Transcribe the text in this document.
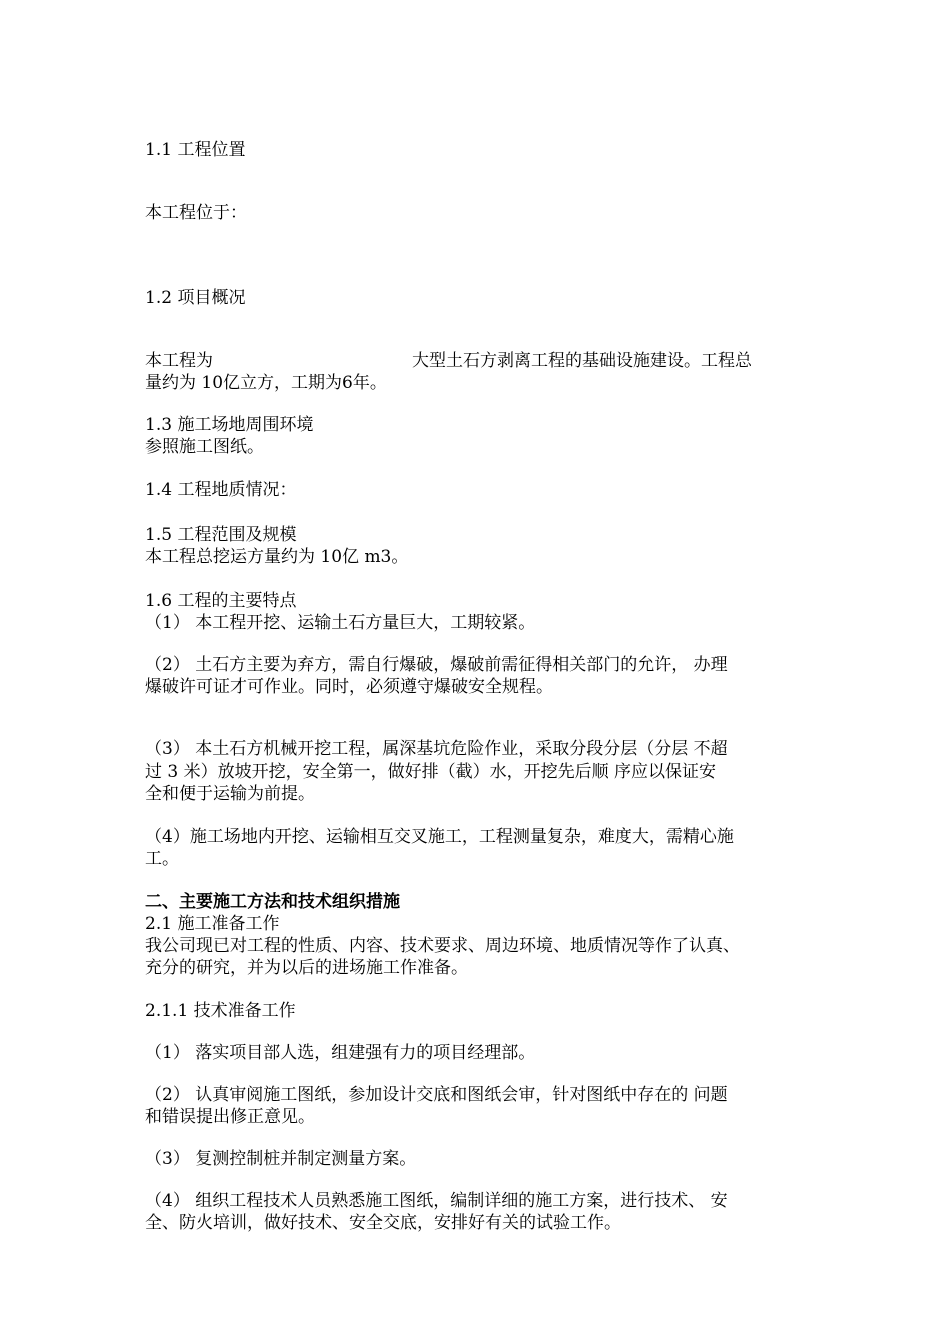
1.1 工程位置
本工程位于：
1.2 项目概况
本工程为	大型土石方剥离工程的基础设施建设。工程总
量约为 10亿立方，工期为6年。
1.3 施工场地周围环境
参照施工图纸。
1.4 工程地质情况：
1.5 工程范围及规模
本工程总挖运方量约为 10亿 m3。
1.6 工程的主要特点
（1） 本工程开挖、运输土石方量巨大，工期较紧。
（2） 土石方主要为弃方，需自行爆破，爆破前需征得相关部门的允许， 办理
爆破许可证才可作业。同时，必须遵守爆破安全规程。
（3） 本土石方机械开挖工程，属深基坑危险作业，采取分段分层（分层 不超
过 3 米）放坡开挖，安全第一，做好排（截）水，开挖先后顺 序应以保证安
全和便于运输为前提。
（4）施工场地内开挖、运输相互交叉施工，工程测量复杂，难度大，需精心施
工。
二、主要施工方法和技术组织措施
2.1 施工准备工作
我公司现已对工程的性质、内容、技术要求、周边环境、地质情况等作了认真、
充分的研究，并为以后的进场施工作准备。
2.1.1 技术准备工作
（1） 落实项目部人选，组建强有力的项目经理部。
（2） 认真审阅施工图纸，参加设计交底和图纸会审，针对图纸中存在的 问题
和错误提出修正意见。
（3） 复测控制桩并制定测量方案。
（4） 组织工程技术人员熟悉施工图纸，编制详细的施工方案，进行技术、 安
全、防火培训，做好技术、安全交底，安排好有关的试验工作。
